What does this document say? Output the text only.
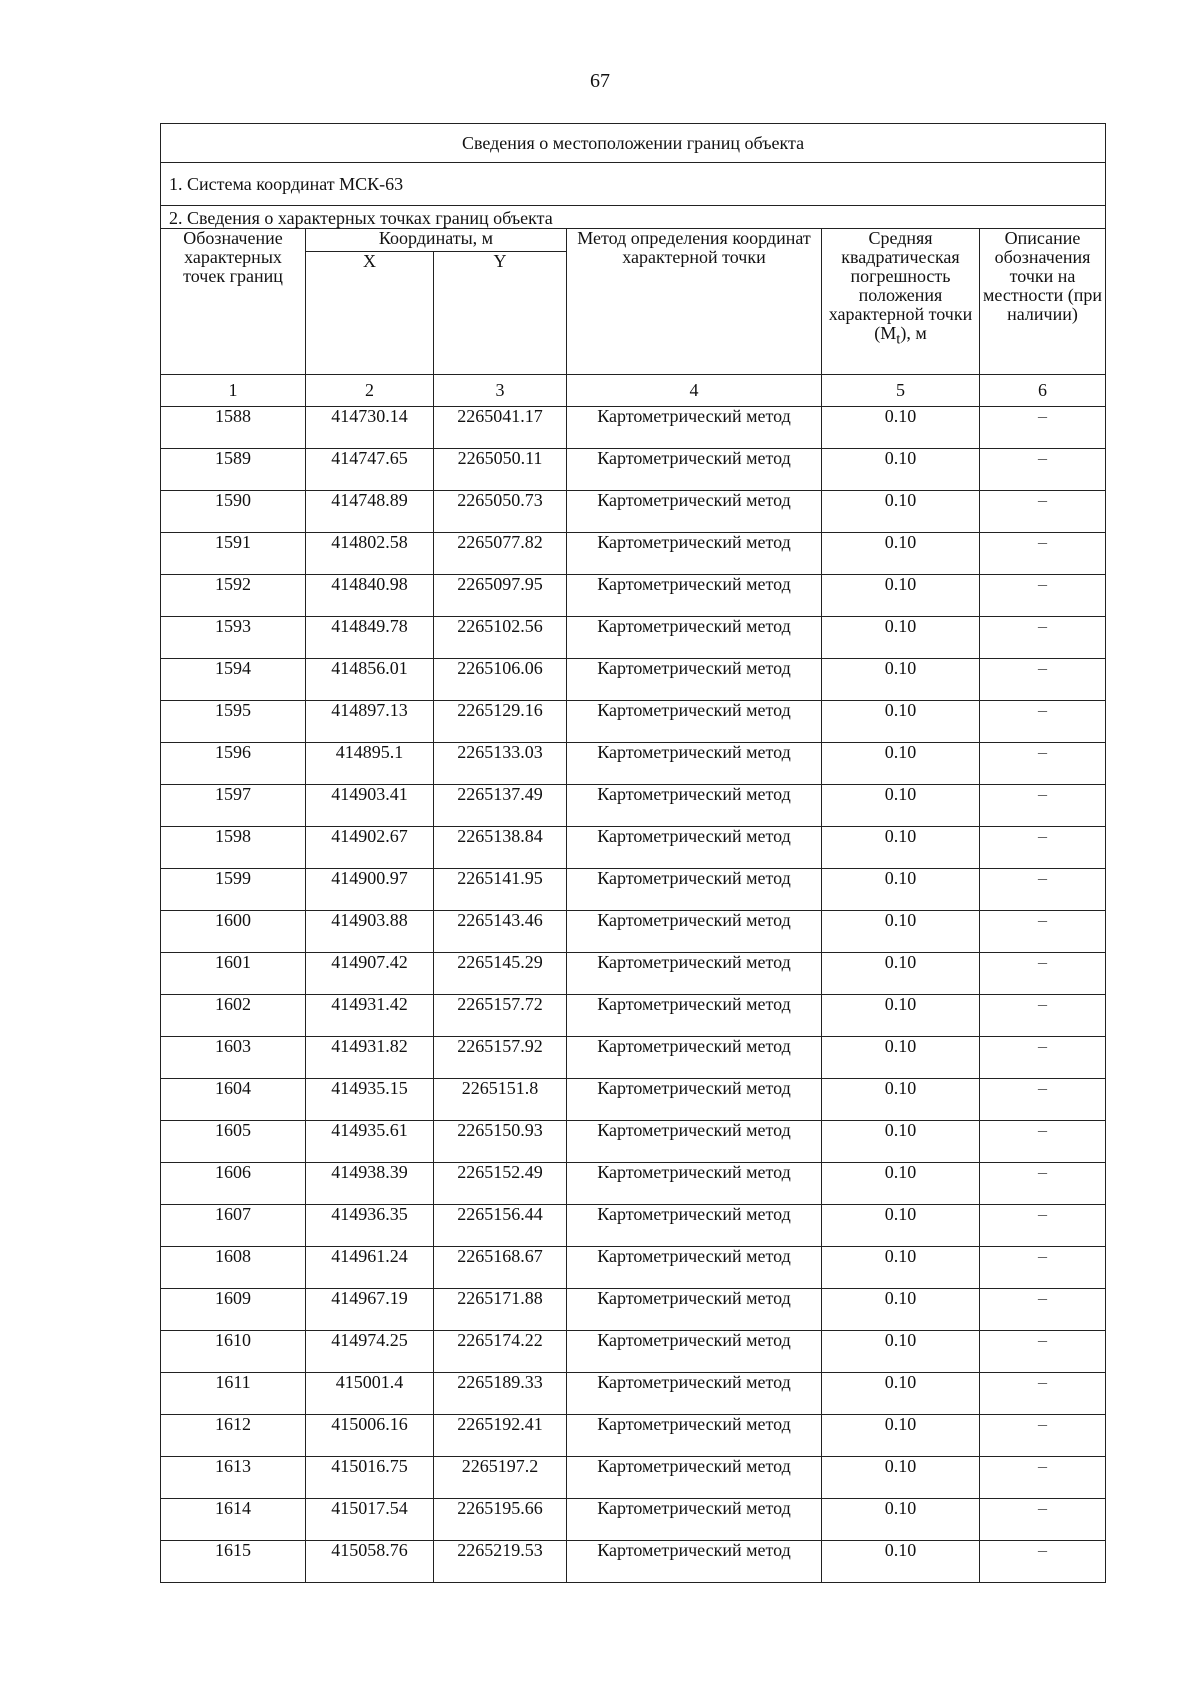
67
Сведения о местоположении границ объекта					
1. Система координат МСК-63					
2. Сведения о характерных точках границ объекта					
Обозначение характерных точек границ	Координаты, м		Метод определения координат характерной точки	Средняя квадратическая погрешность положения характерной точки $(M_t)$, м	Описание обозначения точки на местности (при наличии)
	X	Y			
1	2	3	4	5	6
1588	414730.14	2265041.17	Картометрический метод	0.10	–
1589	414747.65	2265050.11	Картометрический метод	0.10	–
1590	414748.89	2265050.73	Картометрический метод	0.10	–
1591	414802.58	2265077.82	Картометрический метод	0.10	–
1592	414840.98	2265097.95	Картометрический метод	0.10	–
1593	414849.78	2265102.56	Картометрический метод	0.10	–
1594	414856.01	2265106.06	Картометрический метод	0.10	–
1595	414897.13	2265129.16	Картометрический метод	0.10	–
1596	414895.1	2265133.03	Картометрический метод	0.10	–
1597	414903.41	2265137.49	Картометрический метод	0.10	–
1598	414902.67	2265138.84	Картометрический метод	0.10	–
1599	414900.97	2265141.95	Картометрический метод	0.10	–
1600	414903.88	2265143.46	Картометрический метод	0.10	–
1601	414907.42	2265145.29	Картометрический метод	0.10	–
1602	414931.42	2265157.72	Картометрический метод	0.10	–
1603	414931.82	2265157.92	Картометрический метод	0.10	–
1604	414935.15	2265151.8	Картометрический метод	0.10	–
1605	414935.61	2265150.93	Картометрический метод	0.10	–
1606	414938.39	2265152.49	Картометрический метод	0.10	–
1607	414936.35	2265156.44	Картометрический метод	0.10	–
1608	414961.24	2265168.67	Картометрический метод	0.10	–
1609	414967.19	2265171.88	Картометрический метод	0.10	–
1610	414974.25	2265174.22	Картометрический метод	0.10	–
1611	415001.4	2265189.33	Картометрический метод	0.10	–
1612	415006.16	2265192.41	Картометрический метод	0.10	–
1613	415016.75	2265197.2	Картометрический метод	0.10	–
1614	415017.54	2265195.66	Картометрический метод	0.10	–
1615	415058.76	2265219.53	Картометрический метод	0.10	–
